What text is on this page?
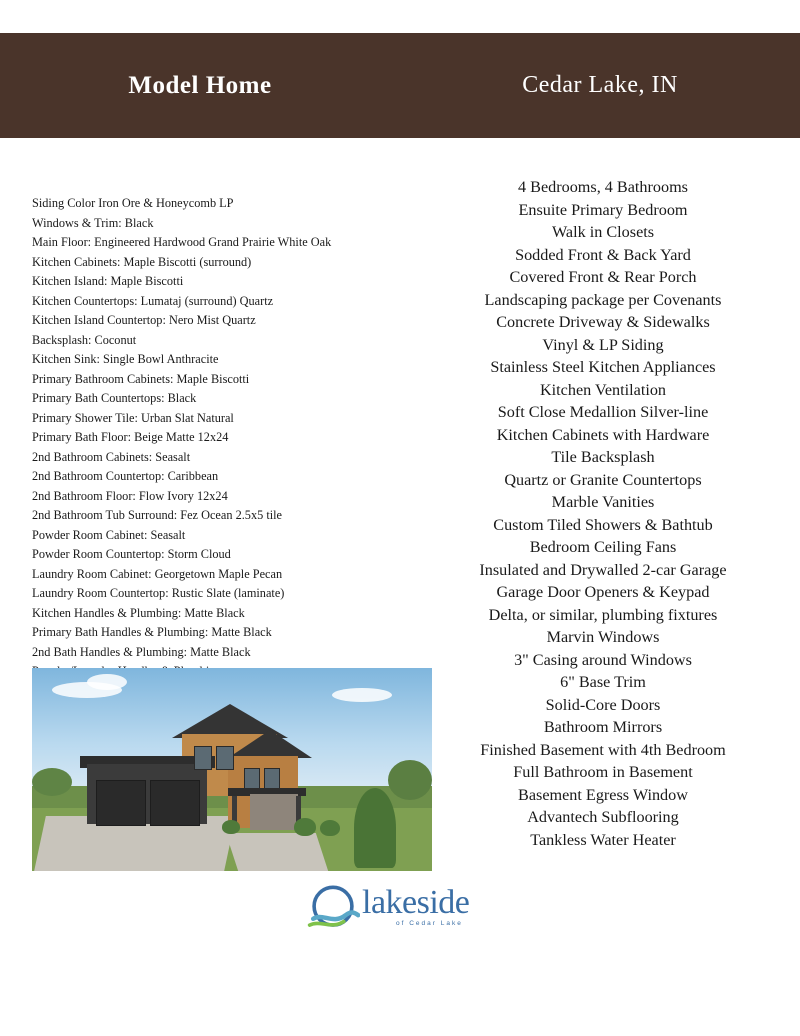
Model Home	Cedar Lake, IN
Siding Color Iron Ore & Honeycomb LP
Windows & Trim: Black
Main Floor: Engineered Hardwood Grand Prairie White Oak
Kitchen Cabinets: Maple Biscotti (surround)
Kitchen Island: Maple Biscotti
Kitchen Countertops: Lumataj (surround) Quartz
Kitchen Island Countertop: Nero Mist Quartz
Backsplash: Coconut
Kitchen Sink: Single Bowl Anthracite
Primary Bathroom Cabinets: Maple Biscotti
Primary Bath Countertops: Black
Primary Shower Tile: Urban Slat Natural
Primary Bath Floor: Beige Matte 12x24
2nd Bathroom Cabinets: Seasalt
2nd Bathroom Countertop: Caribbean
2nd Bathroom Floor: Flow Ivory 12x24
2nd Bathroom Tub Surround: Fez Ocean 2.5x5 tile
Powder Room Cabinet: Seasalt
Powder Room Countertop: Storm Cloud
Laundry Room Cabinet: Georgetown Maple Pecan
Laundry Room Countertop: Rustic Slate (laminate)
Kitchen Handles & Plumbing: Matte Black
Primary Bath Handles & Plumbing: Matte Black
2nd Bath Handles & Plumbing: Matte Black
4 Bedrooms, 4 Bathrooms
Ensuite Primary Bedroom
Walk in Closets
Sodded Front & Back Yard
Covered Front & Rear Porch
Landscaping package per Covenants
Concrete Driveway & Sidewalks
Vinyl & LP Siding
Stainless Steel Kitchen Appliances
Kitchen Ventilation
Soft Close Medallion Silver-line
Kitchen Cabinets with Hardware
Tile Backsplash
Quartz or Granite Countertops
Marble Vanities
Custom Tiled Showers & Bathtub
Bedroom Ceiling Fans
Insulated and Drywalled 2-car Garage
Garage Door Openers & Keypad
Delta, or similar, plumbing fixtures
Marvin Windows
3" Casing around Windows
6" Base Trim
Solid-Core Doors
Bathroom Mirrors
Finished Basement with 4th Bedroom
Full Bathroom in Basement
Basement Egress Window
Advantech Subflooring
Tankless Water Heater
lakeside
of Cedar Lake
